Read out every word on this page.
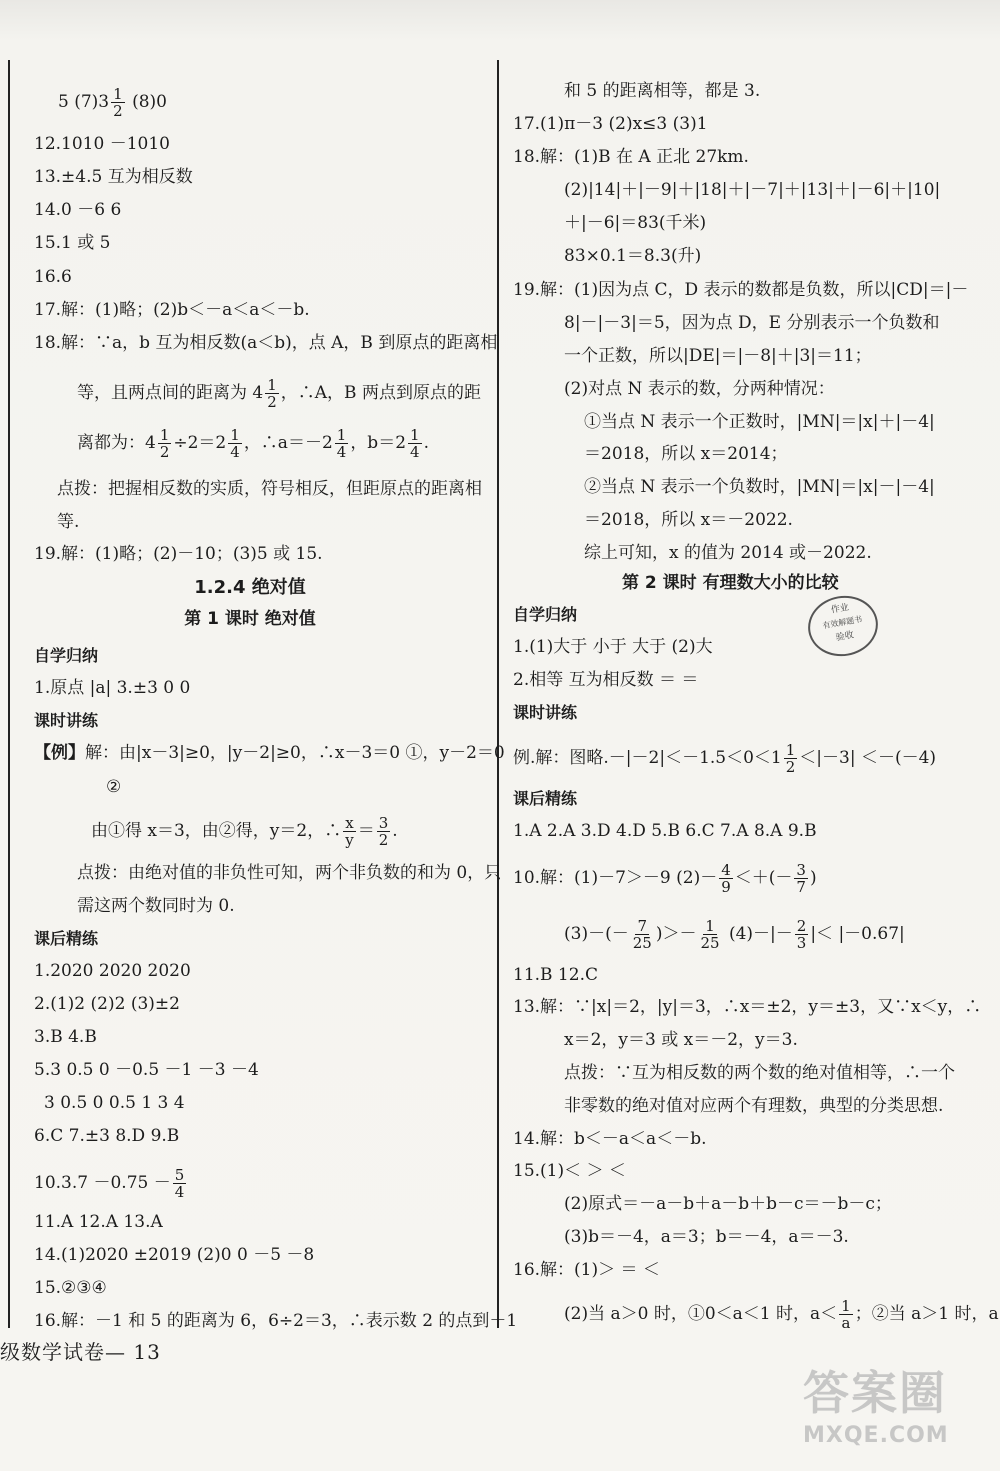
5 $(7)3 \frac{1}{2} (8)0$
12.1010 －1010
13.±4.5 互为相反数
14.0 －6 6
15.1 或 5
16.6
17.解：(1)略；(2)b＜－a＜a＜－b.
18.解：∵a，b 互为相反数(a＜b)，点 A，B 到原点的距离相
等，且两点间的距离为 $4 \frac{1}{2}$ ，∴A，B 两点到原点的距
离都为：$4 \frac{1}{2} \div 2=2 \frac{1}{4}$ ，∴a＝－2 $\frac{1}{4}$ ，$b=2 \frac{1}{4}$ .
点拨：把握相反数的实质，符号相反，但距原点的距离相
等.
19.解：(1)略；(2)－10；(3)5 或 15.
1.2.4 绝对值
第 1 课时 绝对值
自学归纳
1.原点 |a| 3.±3 0 0
课时讲练
【例】解：由|x－3|≥0，|y－2|≥0，∴x－3＝0 ①，y－2＝0
②
由①得 x＝3，由②得，y＝2，∴ $\frac{x}{y} = \frac{3}{2}$ .
点拨：由绝对值的非负性可知，两个非负数的和为 0，只
需这两个数同时为 0.
课后精练
1.2020 2020 2020
2.(1)2 (2)2 (3)±2
3.B 4.B
5.3 0.5 0 －0.5 －1 －3 －4
3 0.5 0 0.5 1 3 4
6.C 7.±3 8.D 9.B
$10.3.7 -0.75 - \frac{5}{4}$
11.A 12.A 13.A
14.(1)2020 ±2019 (2)0 0 －5 －8
15.②③④
16.解：－1 和 5 的距离为 6，6÷2＝3，∴表示数 2 的点到－1
和 5 的距离相等，都是 3.
17.(1)π－3 (2)x≤3 (3)1
18.解：(1)B 在 A 正北 27km.
(2)|14|＋|－9|＋|18|＋|－7|＋|13|＋|－6|＋|10|
＋|－6|＝83(千米)
83×0.1＝8.3(升)
19.解：(1)因为点 C，D 表示的数都是负数，所以|CD|＝|－
8|－|－3|＝5，因为点 D，E 分别表示一个负数和
一个正数，所以|DE|＝|－8|＋|3|＝11；
(2)对点 N 表示的数，分两种情况：
①当点 N 表示一个正数时，|MN|＝|x|＋|－4|
＝2018，所以 x＝2014；
②当点 N 表示一个负数时，|MN|＝|x|－|－4|
＝2018，所以 x＝－2022.
综上可知，x 的值为 2014 或－2022.
第 2 课时 有理数大小的比较
作业
有效解题书
验收
自学归纳
1.(1)大于 小于 大于 (2)大
2.相等 互为相反数 ＝ ＝
课时讲练
例.解：图略$.-|-2|<-1.5<0<1 \frac{1}{2} <|-3| <-(-4)$
课后精练
1.A 2.A 3.D 4.D 5.B 6.C 7.A 8.A 9.B
10.解：(1)－7＞－9 $(2)- \frac{4}{9}$ ＜＋(－ $\frac{3}{7}$ )
$(3)-(- \frac{7}{25}$ )＞－ $\frac{1}{25} (4)-|- \frac{2}{3}$ |＜ |－0.67|
11.B 12.C
13.解：∵|x|＝2，|y|＝3，∴x＝±2，y＝±3，又∵x＜y，∴
x＝2，y＝3 或 x＝－2，y＝3.
点拨：∵互为相反数的两个数的绝对值相等，∴一个
非零数的绝对值对应两个有理数，典型的分类思想.
14.解：b＜－a＜a＜－b.
15.(1)＜ ＞ ＜
(2)原式＝－a－b＋a－b＋b－c＝－b－c；
(3)b＝－4，a＝3；b＝－4，a＝－3.
16.解：(1)＞ ＝ ＜
(2)当 a＞0 时，①0＜a＜1 时，$a< \frac{1}{a}$ ；②当 a＞1 时，a
级数学试卷— 13
答案圈
MXQE.COM
